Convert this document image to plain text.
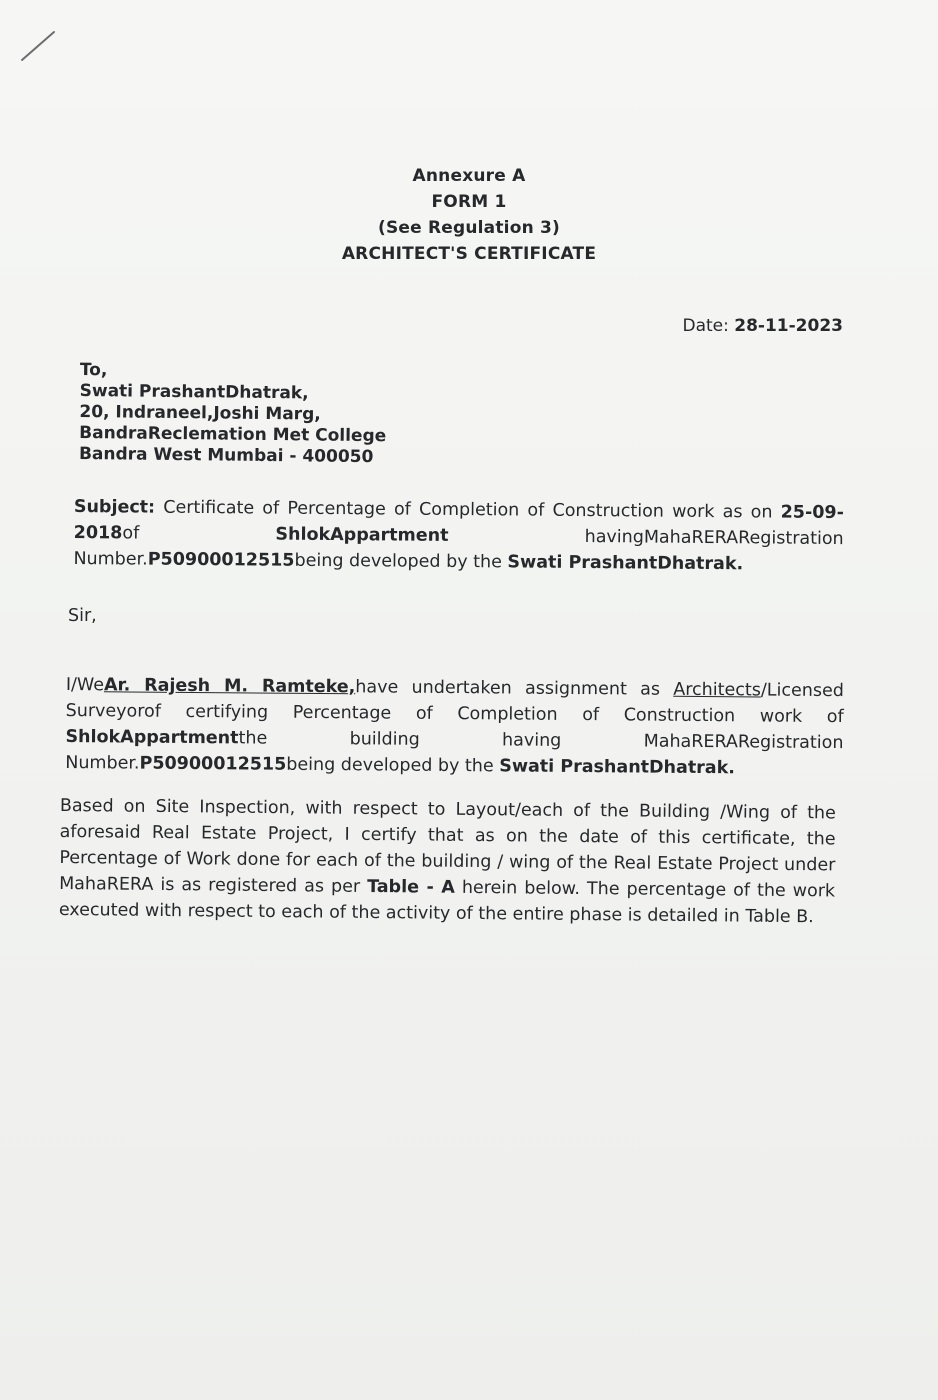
Annexure A
FORM 1
(See Regulation 3)
ARCHITECT'S CERTIFICATE
Date: 28-11-2023
To,
Swati PrashantDhatrak,
20, Indraneel,Joshi Marg,
BandraReclemation Met College
Bandra West Mumbai - 400050
Subject: Certificate of Percentage of Completion of Construction work as on 25-09-2018of ShlokAppartment havingMahaRERARegistration Number.P50900012515being developed by the Swati PrashantDhatrak.
Sir,
I/WeAr. Rajesh M. Ramteke,have undertaken assignment as Architects/Licensed Surveyorof certifying Percentage of Completion of Construction work of ShlokAppartmentthe building having MahaRERARegistration Number.P50900012515being developed by the Swati PrashantDhatrak.
Based on Site Inspection, with respect to Layout/each of the Building /Wing of the aforesaid Real Estate Project, I certify that as on the date of this certificate, the Percentage of Work done for each of the building / wing of the Real Estate Project under MahaRERA is as registered as per Table - A herein below. The percentage of the work executed with respect to each of the activity of the entire phase is detailed in Table B.
